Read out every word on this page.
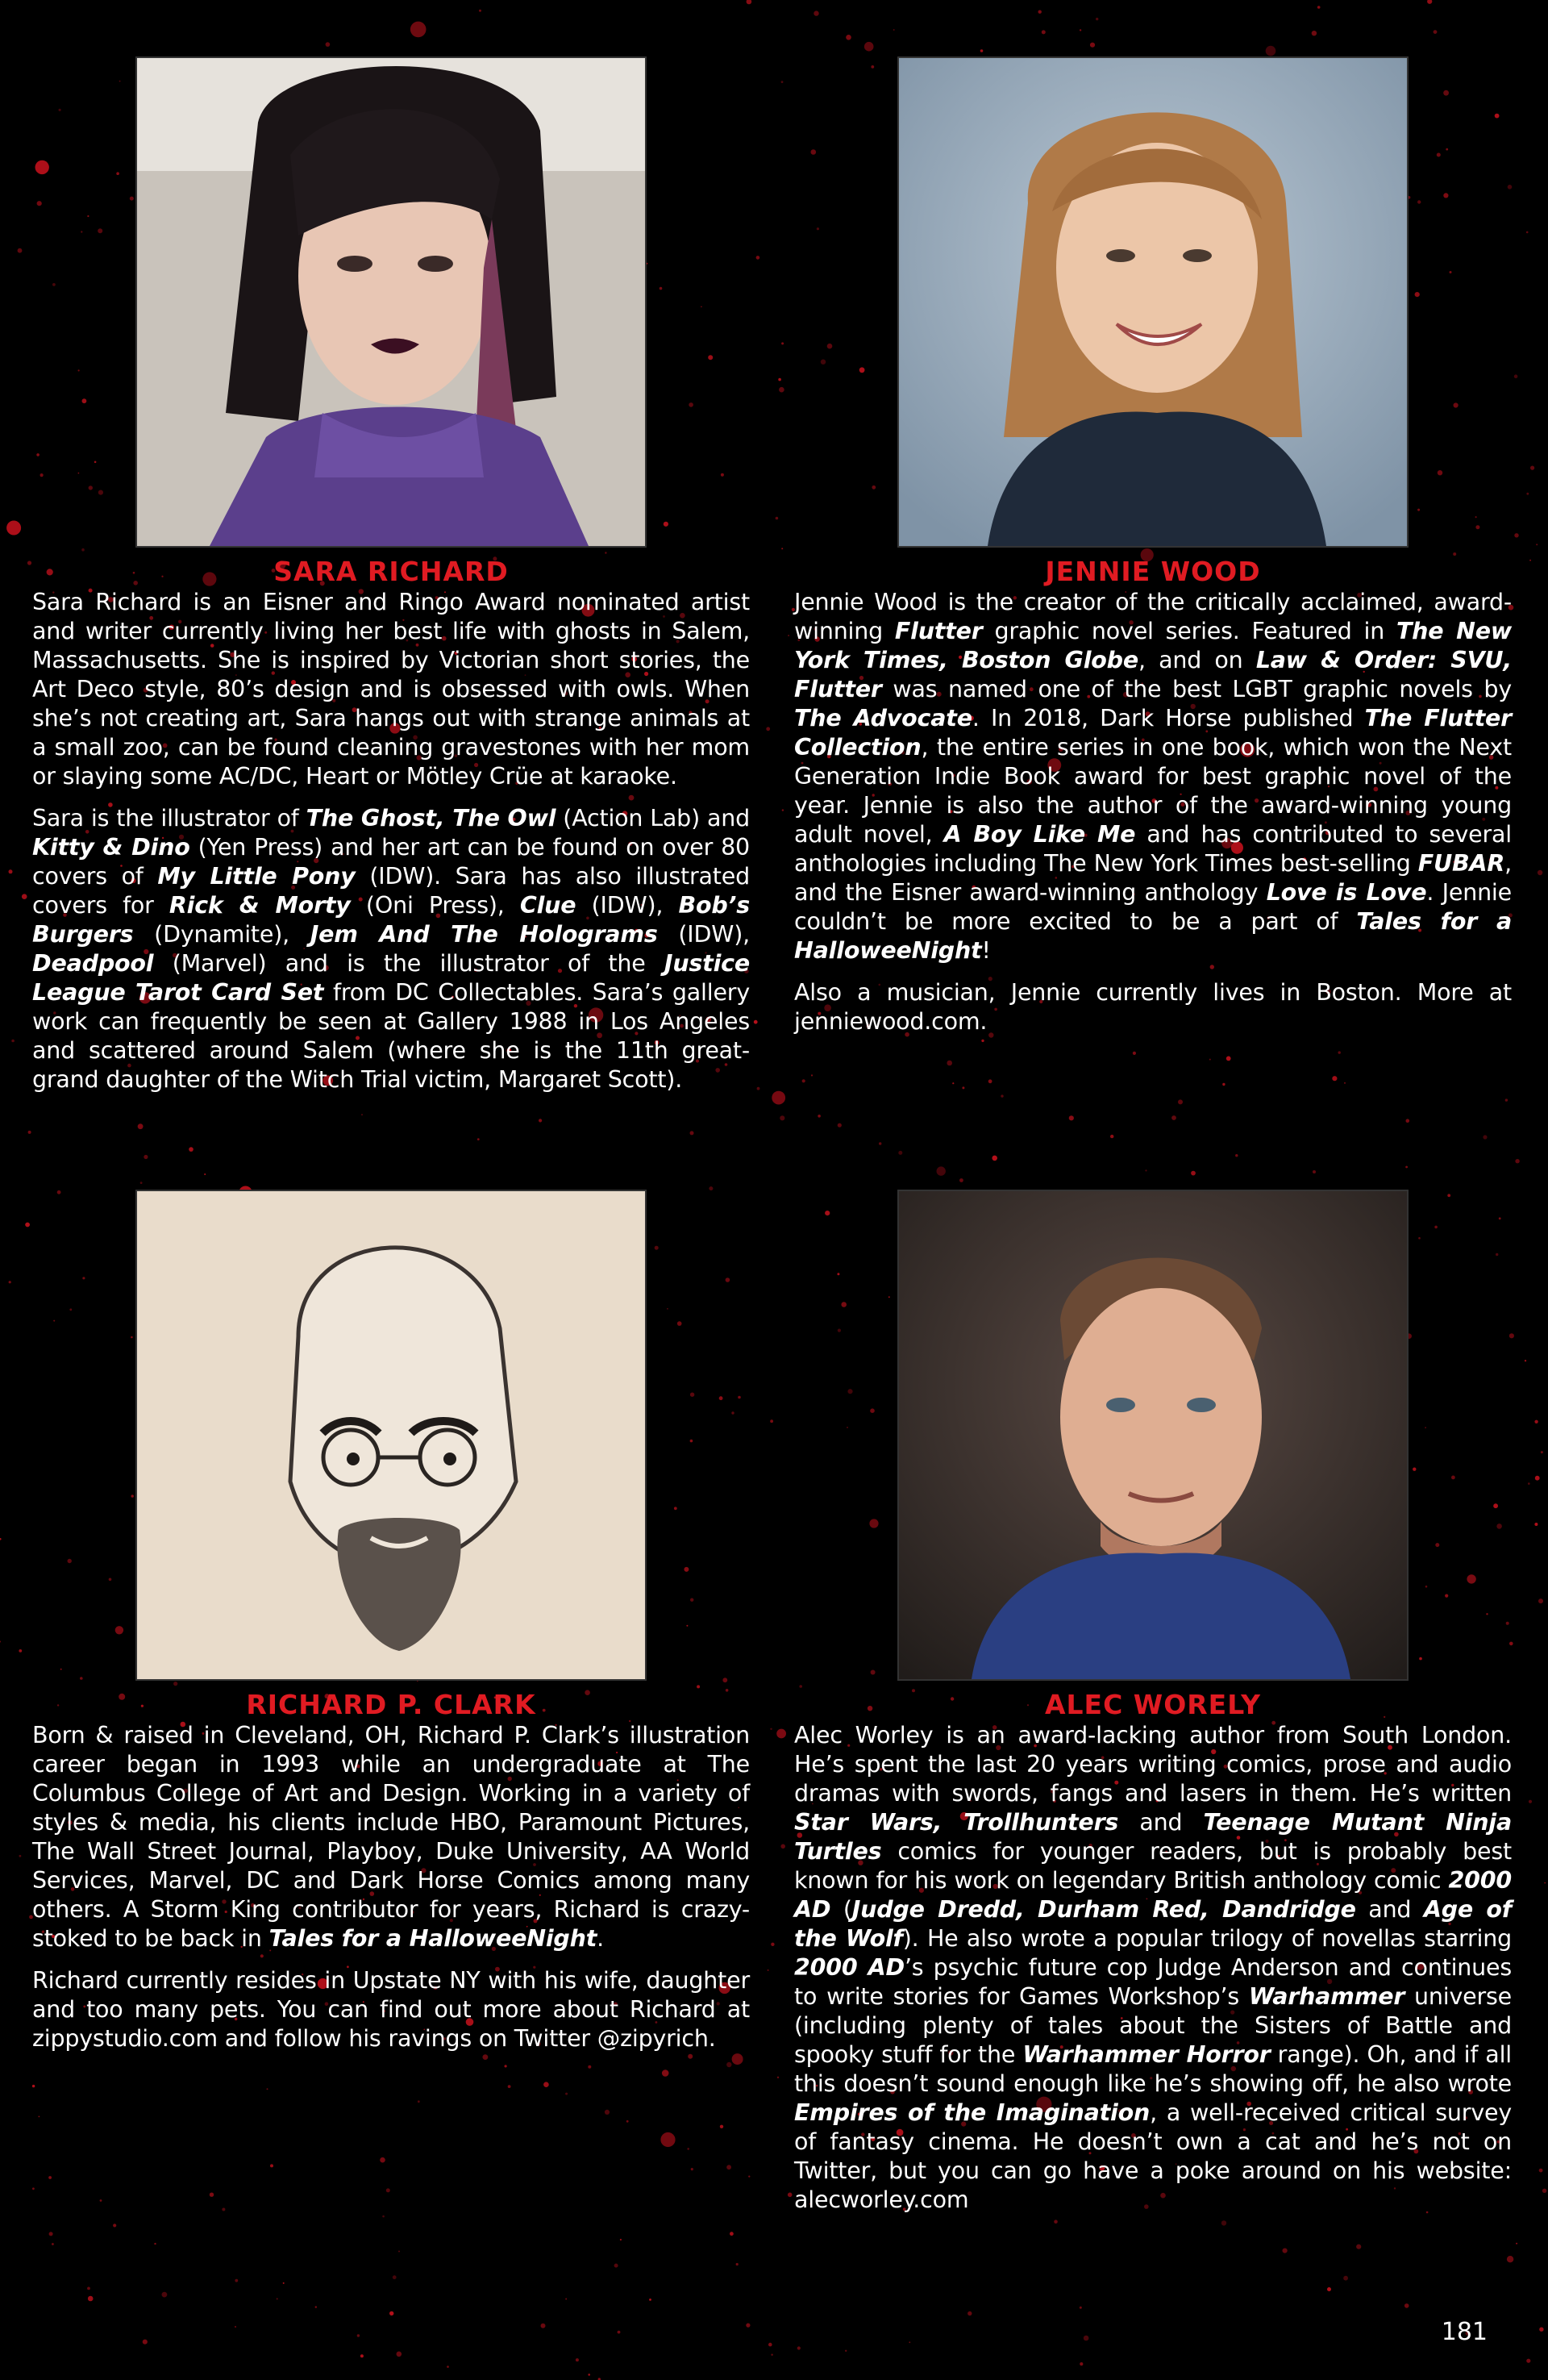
SARA RICHARD

Sara Richard is an Eisner and Ringo Award nominated artist and writer currently living her best life with ghosts in Salem, Massachusetts. She is inspired by Victorian short stories, the Art Deco style, 80’s design and is obsessed with owls. When she’s not creating art, Sara hangs out with strange animals at a small zoo, can be found cleaning gravestones with her mom or slaying some AC/DC, Heart or Mötley Crüe at karaoke.

Sara is the illustrator of The Ghost, The Owl (Action Lab) and Kitty & Dino (Yen Press) and her art can be found on over 80 covers of My Little Pony (IDW). Sara has also illustrated covers for Rick & Morty (Oni Press), Clue (IDW), Bob’s Burgers (Dynamite), Jem And The Holograms (IDW), Deadpool (Marvel) and is the illustrator of the Justice League Tarot Card Set from DC Collectables. Sara’s gallery work can frequently be seen at Gallery 1988 in Los Angeles and scattered around Salem (where she is the 11th great-grand daughter of the Witch Trial victim, Margaret Scott).

JENNIE WOOD

Jennie Wood is the creator of the critically acclaimed, award-winning Flutter graphic novel series. Featured in The New York Times, Boston Globe, and on Law & Order: SVU, Flutter was named one of the best LGBT graphic novels by The Advocate. In 2018, Dark Horse published The Flutter Collection, the entire series in one book, which won the Next Generation Indie Book award for best graphic novel of the year. Jennie is also the author of the award-winning young adult novel, A Boy Like Me and has contributed to several anthologies including The New York Times best-selling FUBAR, and the Eisner award-winning anthology Love is Love. Jennie couldn’t be more excited to be a part of Tales for a HalloweeNight!

Also a musician, Jennie currently lives in Boston. More at jenniewood.com.

RICHARD P. CLARK

Born & raised in Cleveland, OH, Richard P. Clark’s illustration career began in 1993 while an undergraduate at The Columbus College of Art and Design. Working in a variety of styles & media, his clients include HBO, Paramount Pictures, The Wall Street Journal, Playboy, Duke University, AA World Services, Marvel, DC and Dark Horse Comics among many others. A Storm King contributor for years, Richard is crazy-stoked to be back in Tales for a HalloweeNight.

Richard currently resides in Upstate NY with his wife, daughter and too many pets. You can find out more about Richard at zippystudio.com and follow his ravings on Twitter @zipyrich.

ALEC WORELY

Alec Worley is an award-lacking author from South London. He’s spent the last 20 years writing comics, prose and audio dramas with swords, fangs and lasers in them. He’s written Star Wars, Trollhunters and Teenage Mutant Ninja Turtles comics for younger readers, but is probably best known for his work on legendary British anthology comic 2000 AD (Judge Dredd, Durham Red, Dandridge and Age of the Wolf). He also wrote a popular trilogy of novellas starring 2000 AD’s psychic future cop Judge Anderson and continues to write stories for Games Workshop’s Warhammer universe (including plenty of tales about the Sisters of Battle and spooky stuff for the Warhammer Horror range). Oh, and if all this doesn’t sound enough like he’s showing off, he also wrote Empires of the Imagination, a well-received critical survey of fantasy cinema. He doesn’t own a cat and he’s not on Twitter, but you can go have a poke around on his website: alecworley.com

181
